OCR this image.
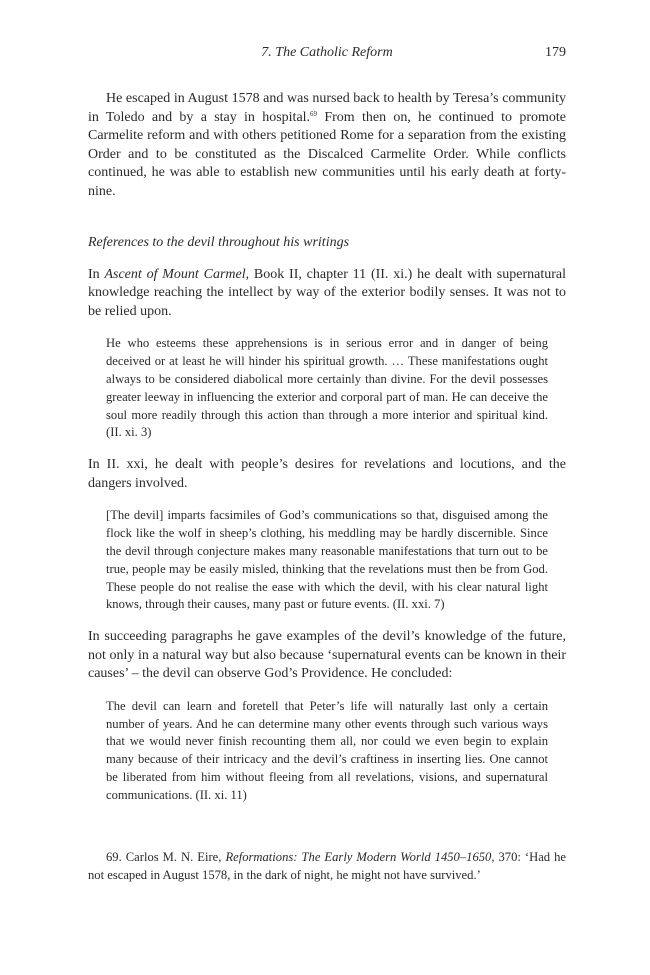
7. The Catholic Reform	179

He escaped in August 1578 and was nursed back to health by Teresa’s community in Toledo and by a stay in hospital.$^{69}$ From then on, he continued to promote Carmelite reform and with others petitioned Rome for a separation from the existing Order and to be constituted as the Discalced Carmelite Order. While conflicts continued, he was able to establish new communities until his early death at forty-nine.

References to the devil throughout his writings

In Ascent of Mount Carmel, Book II, chapter 11 (II. xi.) he dealt with supernatural knowledge reaching the intellect by way of the exterior bodily senses. It was not to be relied upon.

He who esteems these apprehensions is in serious error and in danger of being deceived or at least he will hinder his spiritual growth. … These manifestations ought always to be considered diabolical more certainly than divine. For the devil possesses greater leeway in influencing the exterior and corporal part of man. He can deceive the soul more readily through this action than through a more interior and spiritual kind. (II. xi. 3)

In II. xxi, he dealt with people’s desires for revelations and locutions, and the dangers involved.

[The devil] imparts facsimiles of God’s communications so that, disguised among the flock like the wolf in sheep’s clothing, his meddling may be hardly discernible. Since the devil through conjecture makes many reasonable manifestations that turn out to be true, people may be easily misled, thinking that the revelations must then be from God. These people do not realise the ease with which the devil, with his clear natural light knows, through their causes, many past or future events. (II. xxi. 7)

In succeeding paragraphs he gave examples of the devil’s knowledge of the future, not only in a natural way but also because ‘supernatural events can be known in their causes’ – the devil can observe God’s Providence. He concluded:

The devil can learn and foretell that Peter’s life will naturally last only a certain number of years. And he can determine many other events through such various ways that we would never finish recounting them all, nor could we even begin to explain many because of their intricacy and the devil’s craftiness in inserting lies. One cannot be liberated from him without fleeing from all revelations, visions, and supernatural communications. (II. xi. 11)
69. Carlos M. N. Eire, Reformations: The Early Modern World 1450–1650, 370: ‘Had he not escaped in August 1578, in the dark of night, he might not have survived.’
